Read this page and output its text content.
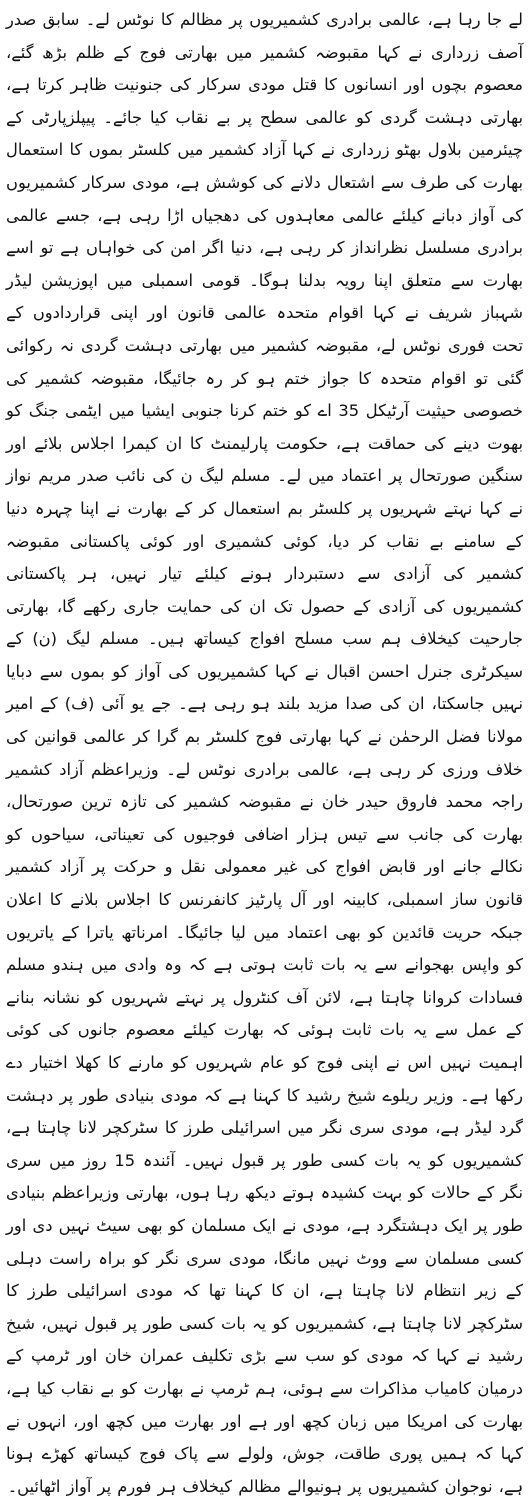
لے جا رہا ہے، عالمی برادری کشمیریوں پر مظالم کا نوٹس لے۔ سابق صدر آصف زرداری نے کہا مقبوضہ کشمیر میں بھارتی فوج کے ظلم بڑھ گئے، معصوم بچوں اور انسانوں کا قتل مودی سرکار کی جنونیت ظاہر کرتا ہے، بھارتی دہشت گردی کو عالمی سطح پر بے نقاب کیا جائے۔ پیپلزپارٹی کے چیئرمین بلاول بھٹو زرداری نے کہا آزاد کشمیر میں کلسٹر بموں کا استعمال بھارت کی طرف سے اشتعال دلانے کی کوشش ہے، مودی سرکار کشمیریوں کی آواز دبانے کیلئے عالمی معاہدوں کی دھجیاں اڑا رہی ہے، جسے عالمی برادری مسلسل نظرانداز کر رہی ہے، دنیا اگر امن کی خواہاں ہے تو اسے بھارت سے متعلق اپنا رویہ بدلنا ہوگا۔ قومی اسمبلی میں اپوزیشن لیڈر شہباز شریف نے کہا اقوام متحدہ عالمی قانون اور اپنی قراردادوں کے تحت فوری نوٹس لے، مقبوضہ کشمیر میں بھارتی دہشت گردی نہ رکوائی گئی تو اقوام متحدہ کا جواز ختم ہو کر رہ جائیگا، مقبوضہ کشمیر کی خصوصی حیثیت آرٹیکل 35 اے کو ختم کرنا جنوبی ایشیا میں ایٹمی جنگ کو بھوت دینے کی حماقت ہے، حکومت پارلیمنٹ کا ان کیمرا اجلاس بلائے اور سنگین صورتحال پر اعتماد میں لے۔ مسلم لیگ ن کی نائب صدر مریم نواز نے کہا نہتے شہریوں پر کلسٹر بم استعمال کر کے بھارت نے اپنا چہرہ دنیا کے سامنے بے نقاب کر دیا، کوئی کشمیری اور کوئی پاکستانی مقبوضہ کشمیر کی آزادی سے دستبردار ہونے کیلئے تیار نہیں، ہر پاکستانی کشمیریوں کی آزادی کے حصول تک ان کی حمایت جاری رکھے گا، بھارتی جارحیت کیخلاف ہم سب مسلح افواج کیساتھ ہیں۔ مسلم لیگ (ن) کے سیکرٹری جنرل احسن اقبال نے کہا کشمیریوں کی آواز کو بموں سے دبایا نہیں جاسکتا، ان کی صدا مزید بلند ہو رہی ہے۔ جے یو آئی (ف) کے امیر مولانا فضل الرحمٰن نے کہا بھارتی فوج کلسٹر بم گرا کر عالمی قوانین کی خلاف ورزی کر رہی ہے، عالمی برادری نوٹس لے۔ وزیراعظم آزاد کشمیر راجہ محمد فاروق حیدر خان نے مقبوضہ کشمیر کی تازہ ترین صورتحال، بھارت کی جانب سے تیس ہزار اضافی فوجیوں کی تعیناتی، سیاحوں کو نکالے جانے اور قابض افواج کی غیر معمولی نقل و حرکت پر آزاد کشمیر قانون ساز اسمبلی، کابینہ اور آل پارٹیز کانفرنس کا اجلاس بلانے کا اعلان جبکہ حریت قائدین کو بھی اعتماد میں لیا جائیگا۔ امرناتھ یاترا کے یاتریوں کو واپس بھجوانے سے یہ بات ثابت ہوتی ہے کہ وہ وادی میں ہندو مسلم فسادات کروانا چاہتا ہے، لائن آف کنٹرول پر نہتے شہریوں کو نشانہ بنانے کے عمل سے یہ بات ثابت ہوئی کہ بھارت کیلئے معصوم جانوں کی کوئی اہمیت نہیں اس نے اپنی فوج کو عام شہریوں کو مارنے کا کھلا اختیار دے رکھا ہے۔ وزیر ریلوے شیخ رشید کا کہنا ہے کہ مودی بنیادی طور پر دہشت گرد لیڈر ہے، مودی سری نگر میں اسرائیلی طرز کا سٹرکچر لانا چاہتا ہے، کشمیریوں کو یہ بات کسی طور پر قبول نہیں۔ آئندہ 15 روز میں سری نگر کے حالات کو بہت کشیدہ ہوتے دیکھ رہا ہوں، بھارتی وزیراعظم بنیادی طور پر ایک دہشتگرد ہے، مودی نے ایک مسلمان کو بھی سیٹ نہیں دی اور کسی مسلمان سے ووٹ نہیں مانگا، مودی سری نگر کو براہ راست دہلی کے زیر انتظام لانا چاہتا ہے، ان کا کہنا تھا کہ مودی اسرائیلی طرز کا سٹرکچر لانا چاہتا ہے، کشمیریوں کو یہ بات کسی طور پر قبول نہیں، شیخ رشید نے کہا کہ مودی کو سب سے بڑی تکلیف عمران خان اور ٹرمپ کے درمیان کامیاب مذاکرات سے ہوئی، ہم ٹرمپ نے بھارت کو بے نقاب کیا ہے، بھارت کی امریکا میں زبان کچھ اور ہے اور بھارت میں کچھ اور، انہوں نے کہا کہ ہمیں پوری طاقت، جوش، ولولے سے پاک فوج کیساتھ کھڑے ہونا ہے، نوجوان کشمیریوں پر ہونیوالے مظالم کیخلاف ہر فورم پر آواز اٹھائیں۔
